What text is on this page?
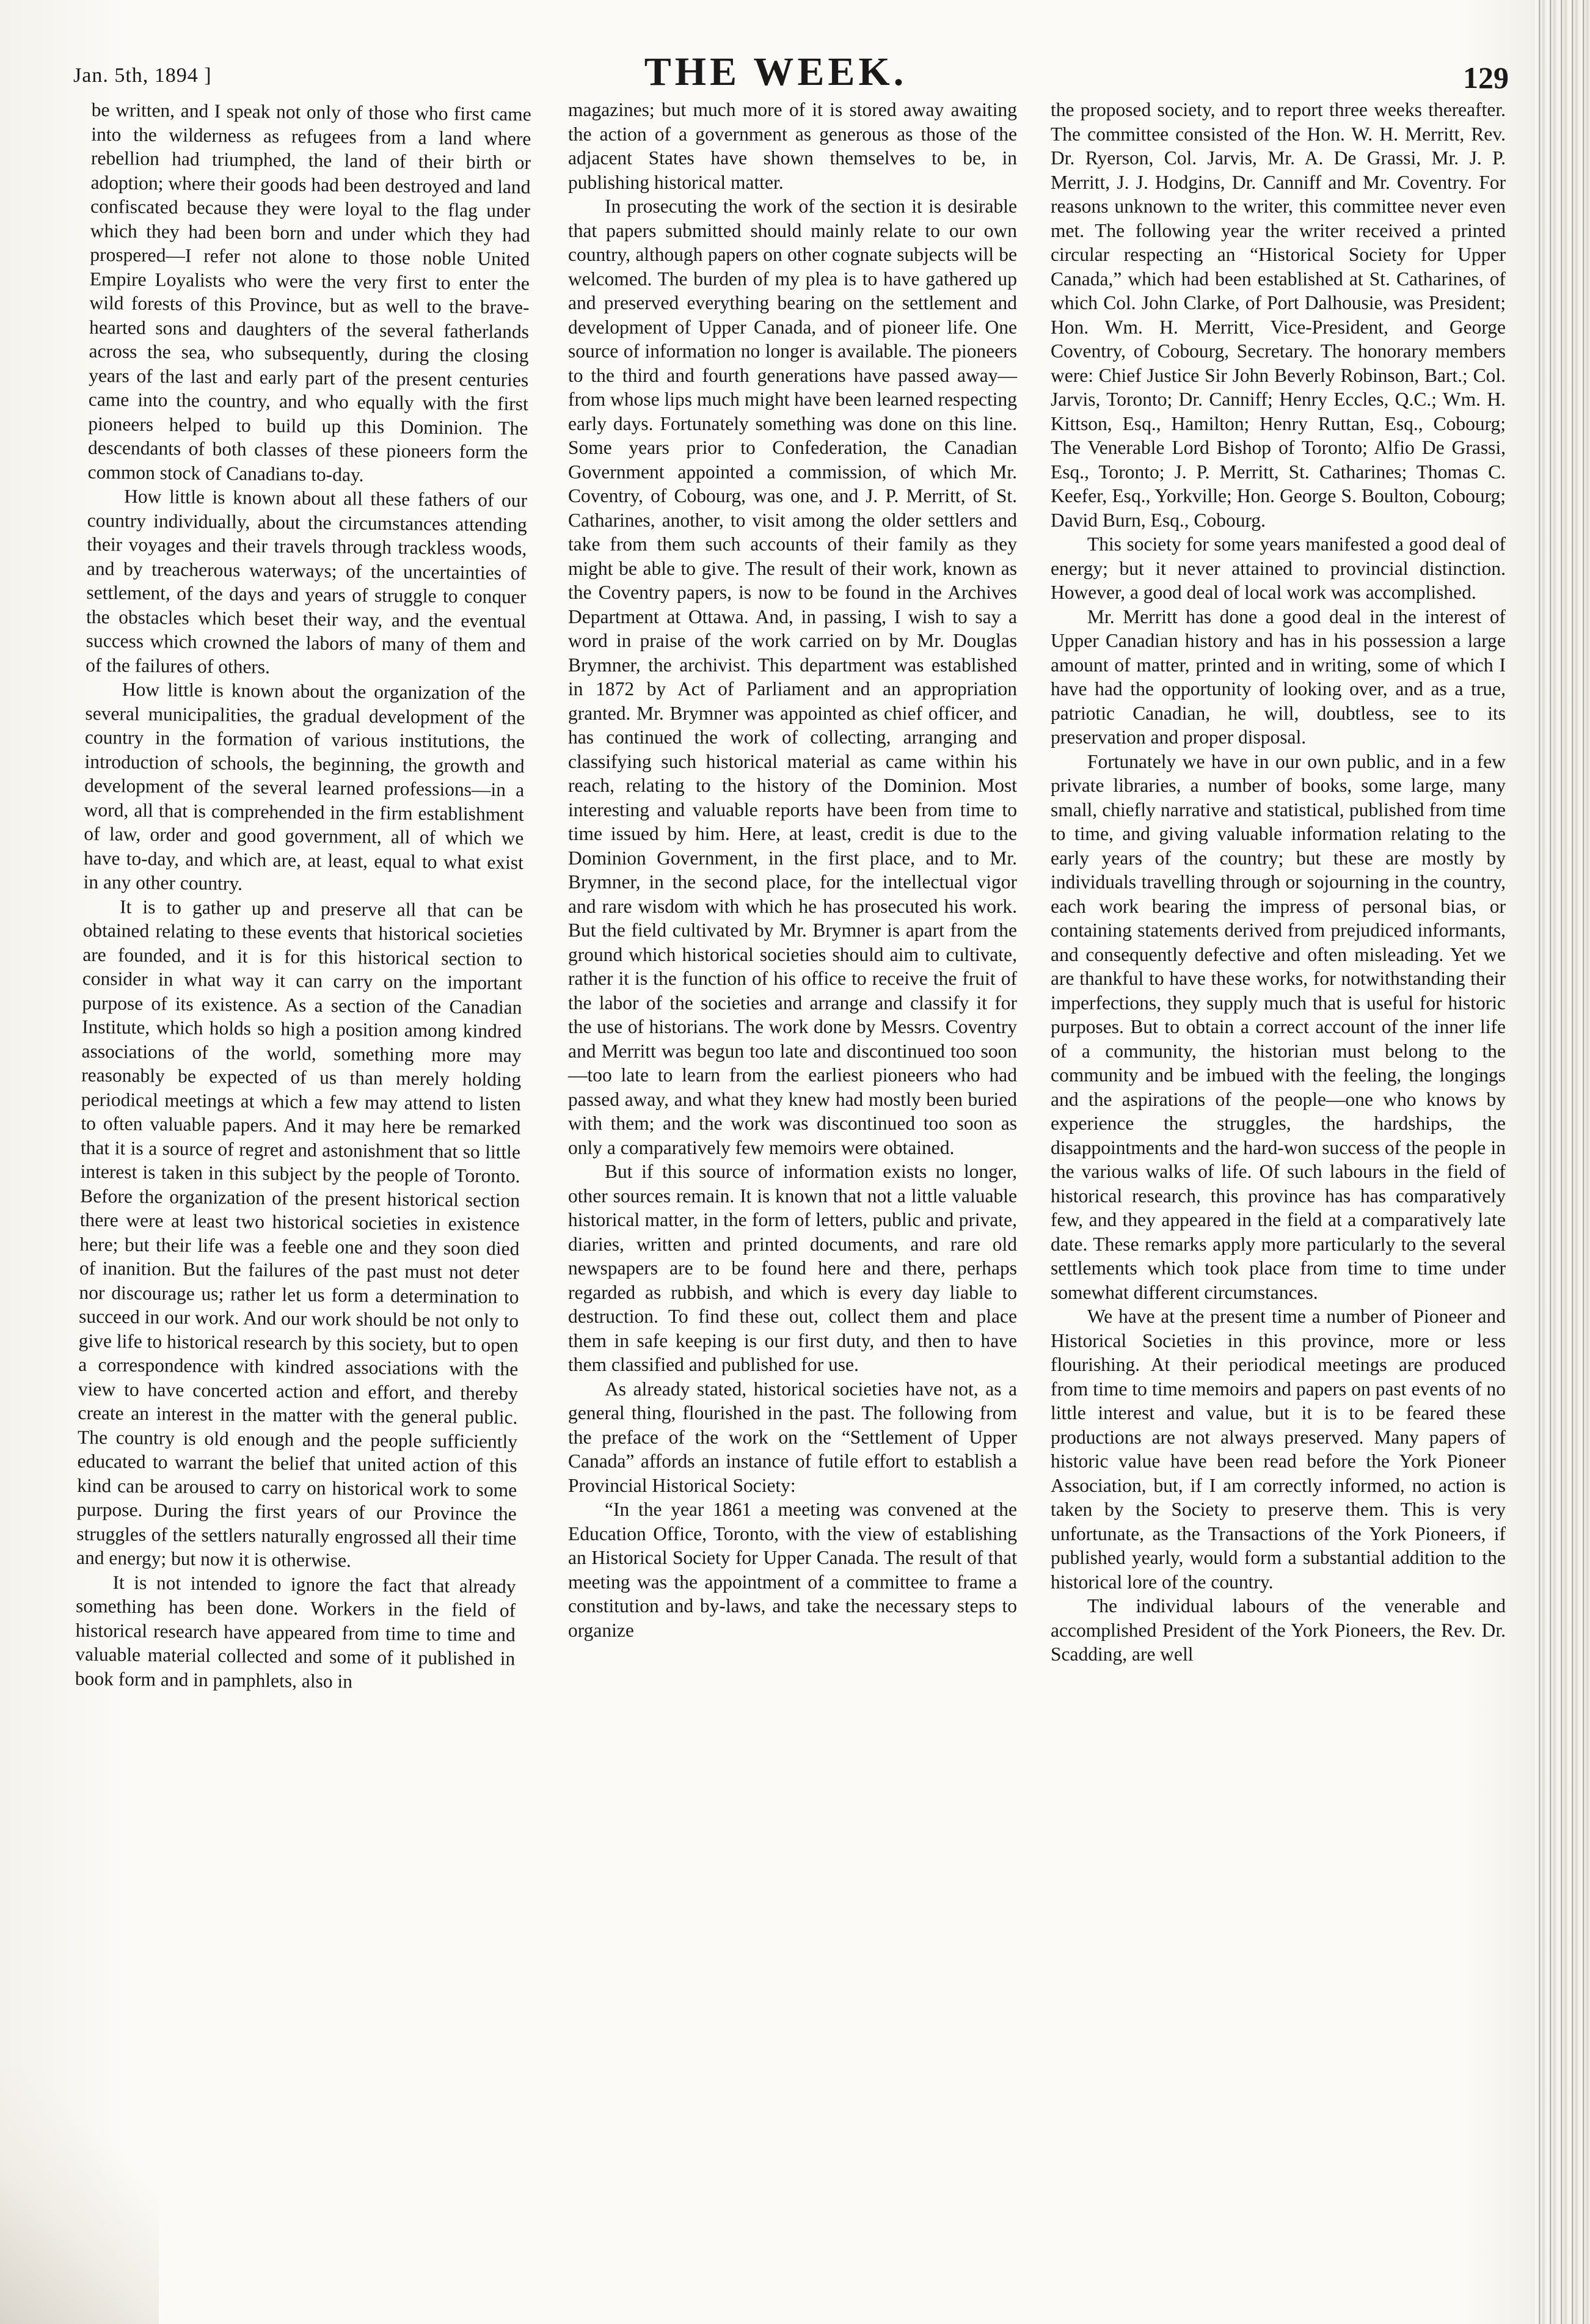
Jan. 5th, 1894 ]	THE WEEK.	129

be written, and I speak not only of those who first came into the wilderness as refugees from a land where rebellion had triumphed, the land of their birth or adoption; where their goods had been destroyed and land confiscated because they were loyal to the flag under which they had been born and under which they had prospered—I refer not alone to those noble United Empire Loyalists who were the very first to enter the wild forests of this Province, but as well to the brave-hearted sons and daughters of the several fatherlands across the sea, who subsequently, during the closing years of the last and early part of the present centuries came into the country, and who equally with the first pioneers helped to build up this Dominion. The descendants of both classes of these pioneers form the common stock of Canadians to-day.

How little is known about all these fathers of our country individually, about the circumstances attending their voyages and their travels through trackless woods, and by treacherous waterways; of the uncertainties of settlement, of the days and years of struggle to conquer the obstacles which beset their way, and the eventual success which crowned the labors of many of them and of the failures of others.

How little is known about the organization of the several municipalities, the gradual development of the country in the formation of various institutions, the introduction of schools, the beginning, the growth and development of the several learned professions—in a word, all that is comprehended in the firm establishment of law, order and good government, all of which we have to-day, and which are, at least, equal to what exist in any other country.

It is to gather up and preserve all that can be obtained relating to these events that historical societies are founded, and it is for this historical section to consider in what way it can carry on the important purpose of its existence. As a section of the Canadian Institute, which holds so high a position among kindred associations of the world, something more may reasonably be expected of us than merely holding periodical meetings at which a few may attend to listen to often valuable papers. And it may here be remarked that it is a source of regret and astonishment that so little interest is taken in this subject by the people of Toronto. Before the organization of the present historical section there were at least two historical societies in existence here; but their life was a feeble one and they soon died of inanition. But the failures of the past must not deter nor discourage us; rather let us form a determination to succeed in our work. And our work should be not only to give life to historical research by this society, but to open a correspondence with kindred associations with the view to have concerted action and effort, and thereby create an interest in the matter with the general public. The country is old enough and the people sufficiently educated to warrant the belief that united action of this kind can be aroused to carry on historical work to some purpose. During the first years of our Province the struggles of the settlers naturally engrossed all their time and energy; but now it is otherwise.

It is not intended to ignore the fact that already something has been done. Workers in the field of historical research have appeared from time to time and valuable material collected and some of it published in book form and in pamphlets, also in

magazines; but much more of it is stored away awaiting the action of a government as generous as those of the adjacent States have shown themselves to be, in publishing historical matter.

In prosecuting the work of the section it is desirable that papers submitted should mainly relate to our own country, although papers on other cognate subjects will be welcomed. The burden of my plea is to have gathered up and preserved everything bearing on the settlement and development of Upper Canada, and of pioneer life. One source of information no longer is available. The pioneers to the third and fourth generations have passed away—from whose lips much might have been learned respecting early days. Fortunately something was done on this line. Some years prior to Confederation, the Canadian Government appointed a commission, of which Mr. Coventry, of Cobourg, was one, and J. P. Merritt, of St. Catharines, another, to visit among the older settlers and take from them such accounts of their family as they might be able to give. The result of their work, known as the Coventry papers, is now to be found in the Archives Department at Ottawa. And, in passing, I wish to say a word in praise of the work carried on by Mr. Douglas Brymner, the archivist. This department was established in 1872 by Act of Parliament and an appropriation granted. Mr. Brymner was appointed as chief officer, and has continued the work of collecting, arranging and classifying such historical material as came within his reach, relating to the history of the Dominion. Most interesting and valuable reports have been from time to time issued by him. Here, at least, credit is due to the Dominion Government, in the first place, and to Mr. Brymner, in the second place, for the intellectual vigor and rare wisdom with which he has prosecuted his work. But the field cultivated by Mr. Brymner is apart from the ground which historical societies should aim to cultivate, rather it is the function of his office to receive the fruit of the labor of the societies and arrange and classify it for the use of historians. The work done by Messrs. Coventry and Merritt was begun too late and discontinued too soon—too late to learn from the earliest pioneers who had passed away, and what they knew had mostly been buried with them; and the work was discontinued too soon as only a comparatively few memoirs were obtained.

But if this source of information exists no longer, other sources remain. It is known that not a little valuable historical matter, in the form of letters, public and private, diaries, written and printed documents, and rare old newspapers are to be found here and there, perhaps regarded as rubbish, and which is every day liable to destruction. To find these out, collect them and place them in safe keeping is our first duty, and then to have them classified and published for use.

As already stated, historical societies have not, as a general thing, flourished in the past. The following from the preface of the work on the “Settlement of Upper Canada” affords an instance of futile effort to establish a Provincial Historical Society:

“In the year 1861 a meeting was convened at the Education Office, Toronto, with the view of establishing an Historical Society for Upper Canada. The result of that meeting was the appointment of a committee to frame a constitution and by-laws, and take the necessary steps to organize

the proposed society, and to report three weeks thereafter. The committee consisted of the Hon. W. H. Merritt, Rev. Dr. Ryerson, Col. Jarvis, Mr. A. De Grassi, Mr. J. P. Merritt, J. J. Hodgins, Dr. Canniff and Mr. Coventry. For reasons unknown to the writer, this committee never even met. The following year the writer received a printed circular respecting an “Historical Society for Upper Canada,” which had been established at St. Catharines, of which Col. John Clarke, of Port Dalhousie, was President; Hon. Wm. H. Merritt, Vice-President, and George Coventry, of Cobourg, Secretary. The honorary members were: Chief Justice Sir John Beverly Robinson, Bart.; Col. Jarvis, Toronto; Dr. Canniff; Henry Eccles, Q.C.; Wm. H. Kittson, Esq., Hamilton; Henry Ruttan, Esq., Cobourg; The Venerable Lord Bishop of Toronto; Alfio De Grassi, Esq., Toronto; J. P. Merritt, St. Catharines; Thomas C. Keefer, Esq., Yorkville; Hon. George S. Boulton, Cobourg; David Burn, Esq., Cobourg.

This society for some years manifested a good deal of energy; but it never attained to provincial distinction. However, a good deal of local work was accomplished.

Mr. Merritt has done a good deal in the interest of Upper Canadian history and has in his possession a large amount of matter, printed and in writing, some of which I have had the opportunity of looking over, and as a true, patriotic Canadian, he will, doubtless, see to its preservation and proper disposal.

Fortunately we have in our own public, and in a few private libraries, a number of books, some large, many small, chiefly narrative and statistical, published from time to time, and giving valuable information relating to the early years of the country; but these are mostly by individuals travelling through or sojourning in the country, each work bearing the impress of personal bias, or containing statements derived from prejudiced informants, and consequently defective and often misleading. Yet we are thankful to have these works, for notwithstanding their imperfections, they supply much that is useful for historic purposes. But to obtain a correct account of the inner life of a community, the historian must belong to the community and be imbued with the feeling, the longings and the aspirations of the people—one who knows by experience the struggles, the hardships, the disappointments and the hard-won success of the people in the various walks of life. Of such labours in the field of historical research, this province has has comparatively few, and they appeared in the field at a comparatively late date. These remarks apply more particularly to the several settlements which took place from time to time under somewhat different circumstances.

We have at the present time a number of Pioneer and Historical Societies in this province, more or less flourishing. At their periodical meetings are produced from time to time memoirs and papers on past events of no little interest and value, but it is to be feared these productions are not always preserved. Many papers of historic value have been read before the York Pioneer Association, but, if I am correctly informed, no action is taken by the Society to preserve them. This is very unfortunate, as the Transactions of the York Pioneers, if published yearly, would form a substantial addition to the historical lore of the country.

The individual labours of the venerable and accomplished President of the York Pioneers, the Rev. Dr. Scadding, are well
